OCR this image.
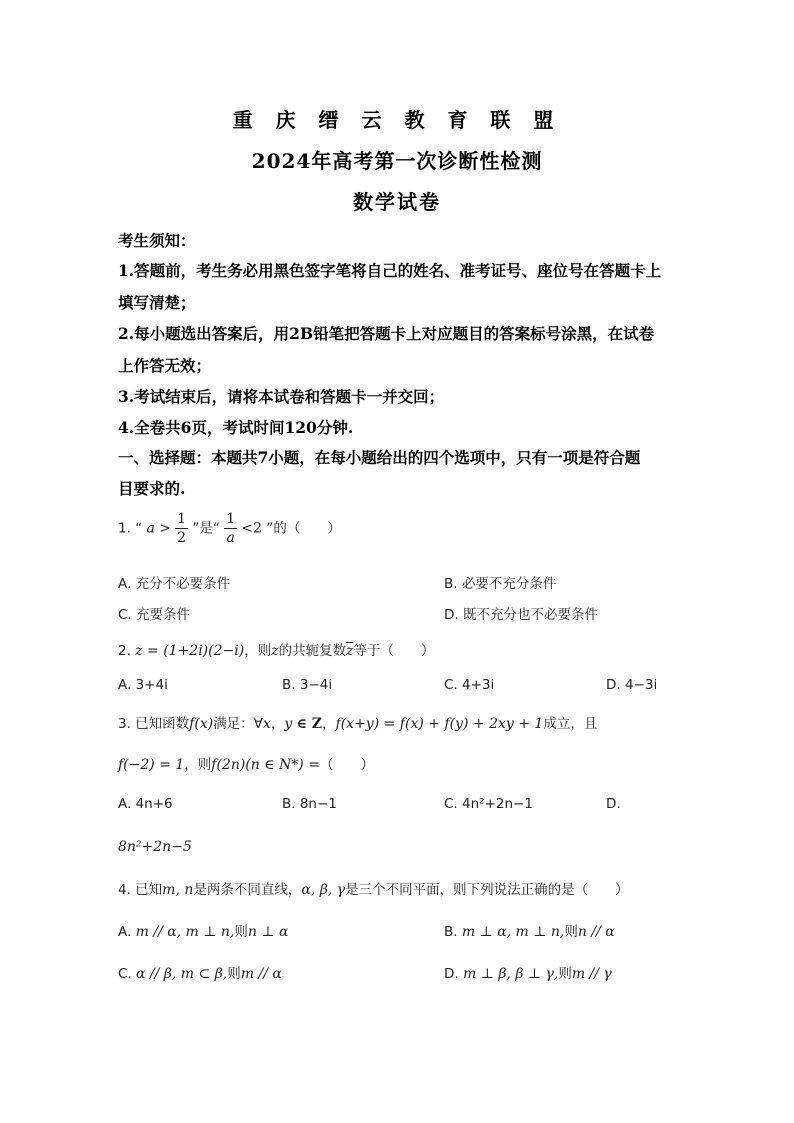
重 庆 缙 云 教 育 联 盟
2024年高考第一次诊断性检测
数学试卷
考生须知：
1.答题前，考生务必用黑色签字笔将自己的姓名、准考证号、座位号在答题卡上
填写清楚；
2.每小题选出答案后，用2B铅笔把答题卡上对应题目的答案标号涂黑，在试卷
上作答无效；
3.考试结束后，请将本试卷和答题卡一并交回；
4.全卷共6页，考试时间120分钟.
一、选择题：本题共7小题，在每小题给出的四个选项中，只有一项是符合题
目要求的.
1. “ $a > \frac{1}{2}$ ”是“ $\frac{1}{a} <2$ ”的（　　）
A. 充分不必要条件	B. 必要不充分条件
C. 充要条件	D. 既不充分也不必要条件
2. z = (1+2i)(2−i)，则z的共轭复数$\overline{z}$等于（　　）
A. 3+4i	B. 3−4i	C. 4+3i	D. 4−3i
3. 已知函数f(x)满足：∀x，y ∈ Z，f(x+y) = f(x) + f(y) + 2xy + 1成立，且
f(−2) = 1，则f(2n)(n ∈ N*) =（　　）
A. 4n+6	B. 8n−1	C. 4n²+2n−1	D.
8n²+2n−5
4. 已知m, n是两条不同直线，α, β, γ是三个不同平面，则下列说法正确的是（　　）
A. m // α, m ⊥ n,则n ⊥ α	B. m ⊥ α, m ⊥ n,则n // α
C. α // β, m ⊂ β,则m // α	D. m ⊥ β, β ⊥ γ,则m // γ
